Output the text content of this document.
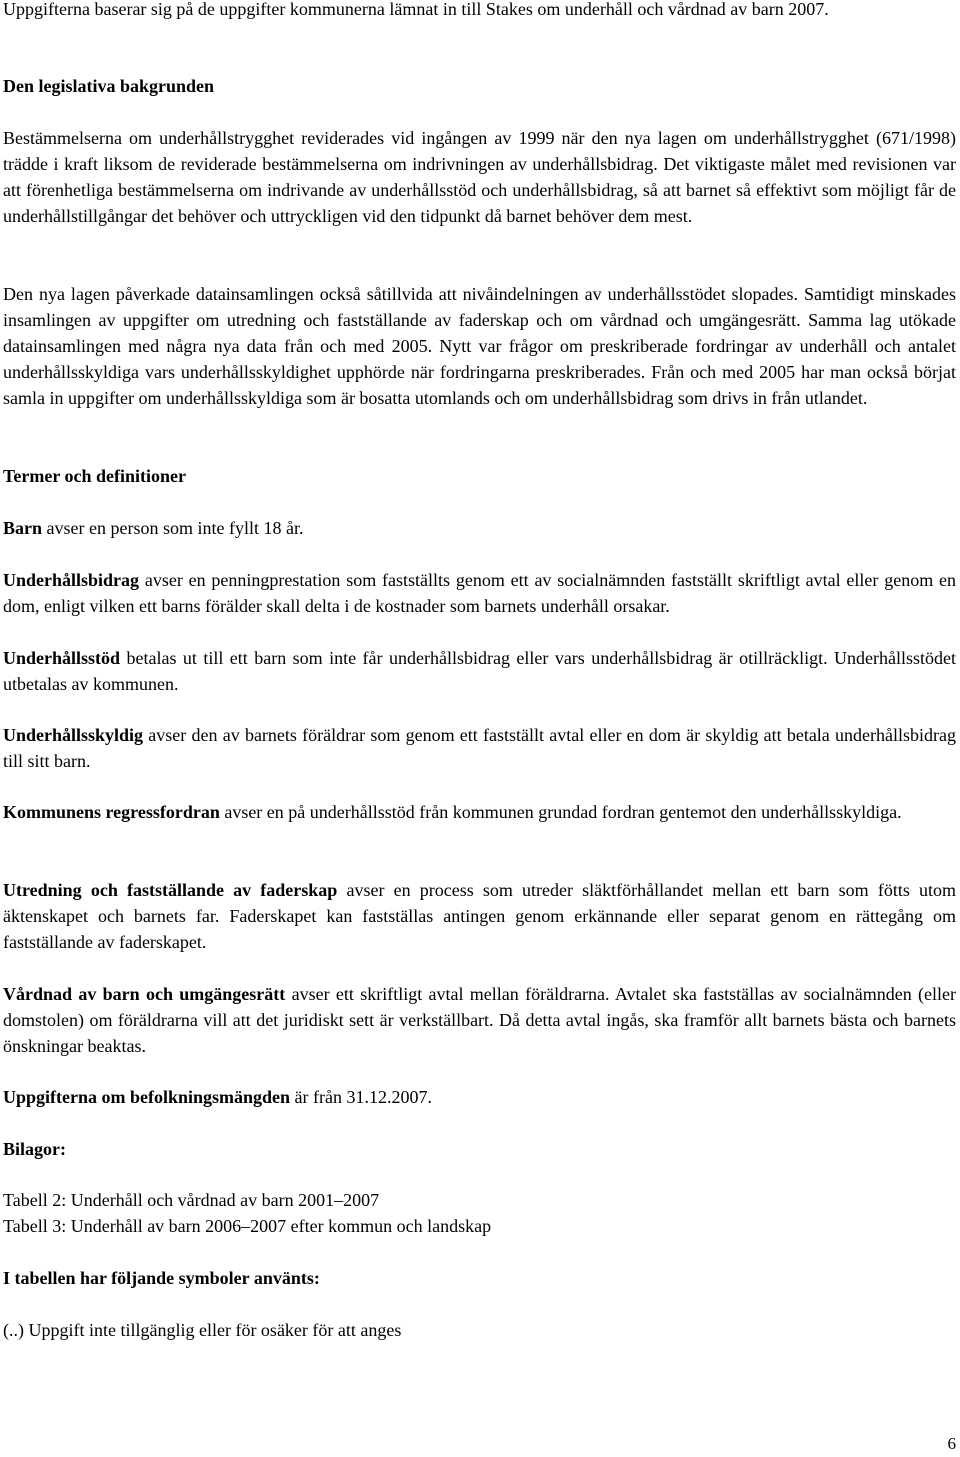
Uppgifterna baserar sig på de uppgifter kommunerna lämnat in till Stakes om underhåll och vårdnad av barn 2007.

Den legislativa bakgrunden

Bestämmelserna om underhållstrygghet reviderades vid ingången av 1999 när den nya lagen om underhållstrygghet (671/1998) trädde i kraft liksom de reviderade bestämmelserna om indrivningen av underhållsbidrag. Det viktigaste målet med revisionen var att förenhetliga bestämmelserna om indrivande av underhållsstöd och underhållsbidrag, så att barnet så effektivt som möjligt får de underhållstillgångar det behöver och uttryckligen vid den tidpunkt då barnet behöver dem mest.

Den nya lagen påverkade datainsamlingen också såtillvida att nivåindelningen av underhållsstödet slopades. Samtidigt minskades insamlingen av uppgifter om utredning och fastställande av faderskap och om vårdnad och umgängesrätt. Samma lag utökade datainsamlingen med några nya data från och med 2005. Nytt var frågor om preskriberade fordringar av underhåll och antalet underhållsskyldiga vars underhållsskyldighet upphörde när fordringarna preskriberades. Från och med 2005 har man också börjat samla in uppgifter om underhållsskyldiga som är bosatta utomlands och om underhållsbidrag som drivs in från utlandet.

Termer och definitioner

Barn avser en person som inte fyllt 18 år.

Underhållsbidrag avser en penningprestation som fastställts genom ett av socialnämnden fastställt skriftligt avtal eller genom en dom, enligt vilken ett barns förälder skall delta i de kostnader som barnets underhåll orsakar.

Underhållsstöd betalas ut till ett barn som inte får underhållsbidrag eller vars underhållsbidrag är otillräckligt. Underhållsstödet utbetalas av kommunen.

Underhållsskyldig avser den av barnets föräldrar som genom ett fastställt avtal eller en dom är skyldig att betala underhållsbidrag till sitt barn.

Kommunens regressfordran avser en på underhållsstöd från kommunen grundad fordran gentemot den underhållsskyldiga.

Utredning och fastställande av faderskap avser en process som utreder släktförhållandet mellan ett barn som fötts utom äktenskapet och barnets far. Faderskapet kan fastställas antingen genom erkännande eller separat genom en rättegång om fastställande av faderskapet.

Vårdnad av barn och umgängesrätt avser ett skriftligt avtal mellan föräldrarna. Avtalet ska fastställas av socialnämnden (eller domstolen) om föräldrarna vill att det juridiskt sett är verkställbart. Då detta avtal ingås, ska framför allt barnets bästa och barnets önskningar beaktas.

Uppgifterna om befolkningsmängden är från 31.12.2007.

Bilagor:

Tabell 2: Underhåll och vårdnad av barn 2001–2007

Tabell 3: Underhåll av barn 2006–2007 efter kommun och landskap

I tabellen har följande symboler använts:

(..) Uppgift inte tillgänglig eller för osäker för att anges

6
